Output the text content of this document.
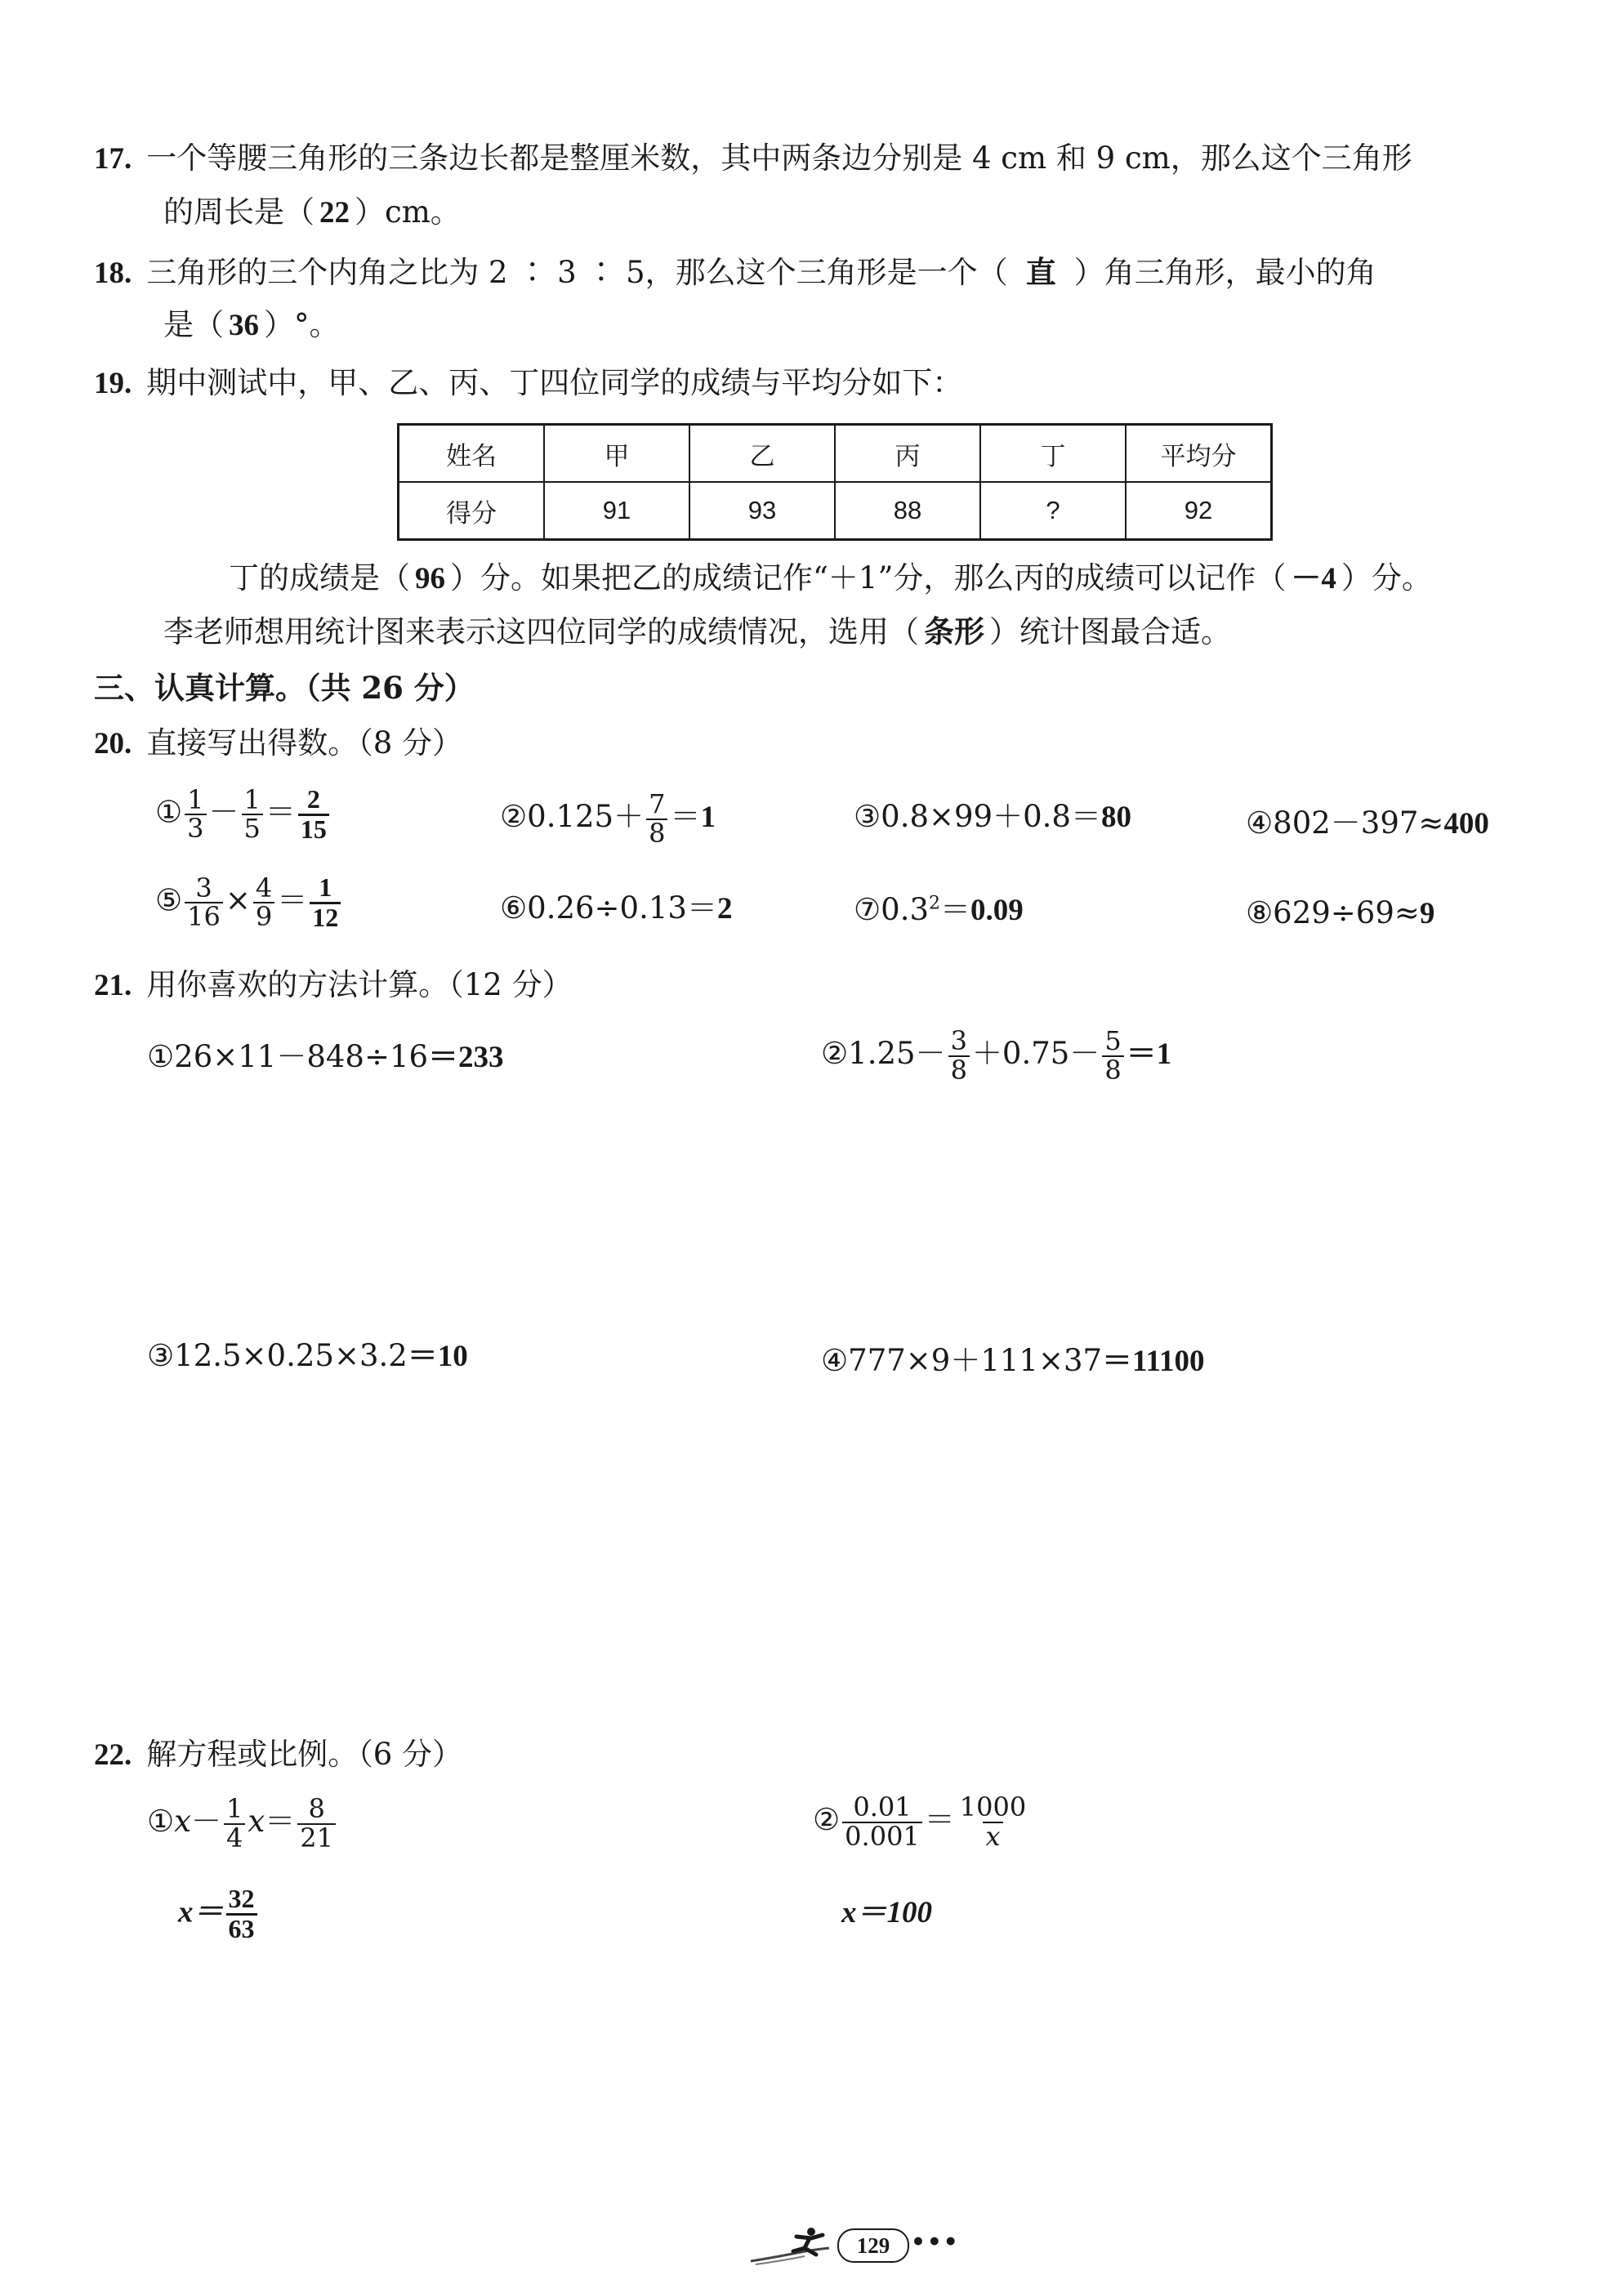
17. 一个等腰三角形的三条边长都是整厘米数，其中两条边分别是 4 cm 和 9 cm，那么这个三角形
的周长是（ 22 ）cm。
18. 三角形的三个内角之比为 2 ∶ 3 ∶ 5，那么这个三角形是一个（ 直 ）角三角形，最小的角
是（ 36 ）°。
19. 期中测试中，甲、乙、丙、丁四位同学的成绩与平均分如下：
姓名	甲	乙	丙	丁	平均分
得分	91	93	88	?	92
丁的成绩是（ 96 ）分。如果把乙的成绩记作“＋1”分，那么丙的成绩可以记作（ －4 ）分。
李老师想用统计图来表示这四位同学的成绩情况，选用（ 条形 ）统计图最合适。
三、认真计算。（共 26 分）
20. 直接写出得数。（8 分）
① $\frac{1}{3} - \frac{1}{5} = \frac{2}{15}$	②0.125＋ $\frac{7}{8} =1$	③0.8×99＋0.8＝80	④802－397≈400
⑤ $\frac{3}{16} \times \frac{4}{9} = \frac{1}{12}$	⑥0.26÷0.13＝2	$⑦0.3^2=0.09$	⑧629÷69≈9
21. 用你喜欢的方法计算。（12 分）
①26×11－848÷16＝233	②1.25－ $\frac{3}{8} +0.75- \frac{5}{8} =1$
③12.5×0.25×3.2＝10	④777×9＋111×37＝11100
22. 解方程或比例。（6 分）
①x－ $\frac{1}{4} x= \frac{8}{21}$
$x= \frac{32}{63}$
② $\frac{0.01}{0.001} = \frac{1000}{x}$
x＝100
129 •••
